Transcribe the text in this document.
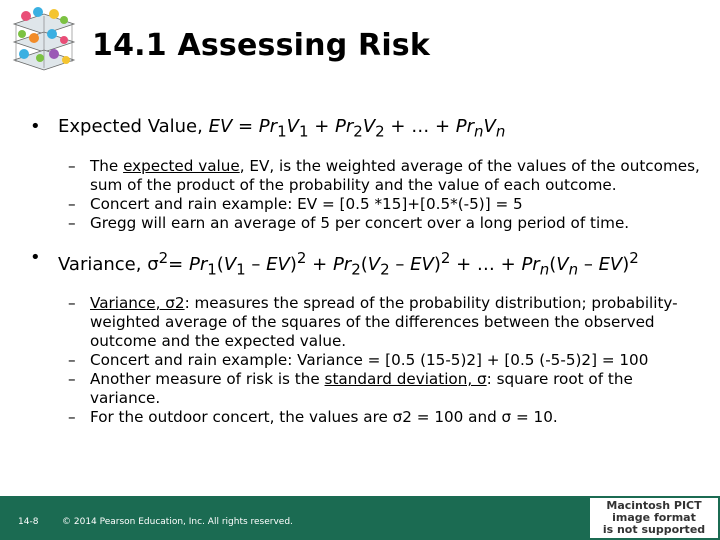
14.1 Assessing Risk
• Expected Value, EV = $Pr_1V_1 + Pr_2V_2$ + … + $Pr_nV_n$
– The expected value, EV, is the weighted average of the values of the outcomes, sum of the product of the probability and the value of each outcome.
– Concert and rain example: EV = [0.5 *15]+[0.5*(-5)] = 5
– Gregg will earn an average of 5 per concert over a long period of time.
• Variance, $\sigma^2= Pr_1(V_1 - EV)^2 + Pr_2(V_2 - EV)^2$ + … + $Pr_n(V_n - EV)^2$
– Variance, σ2: measures the spread of the probability distribution; probability-weighted average of the squares of the differences between the observed outcome and the expected value.
– Concert and rain example: Variance = [0.5 (15-5)2] + [0.5 (-5-5)2] = 100
– Another measure of risk is the standard deviation, σ: square root of the variance.
– For the outdoor concert, the values are σ2 = 100 and σ = 10.
14-8	© 2014 Pearson Education, Inc. All rights reserved.
Macintosh PICT
image format
is not supported
